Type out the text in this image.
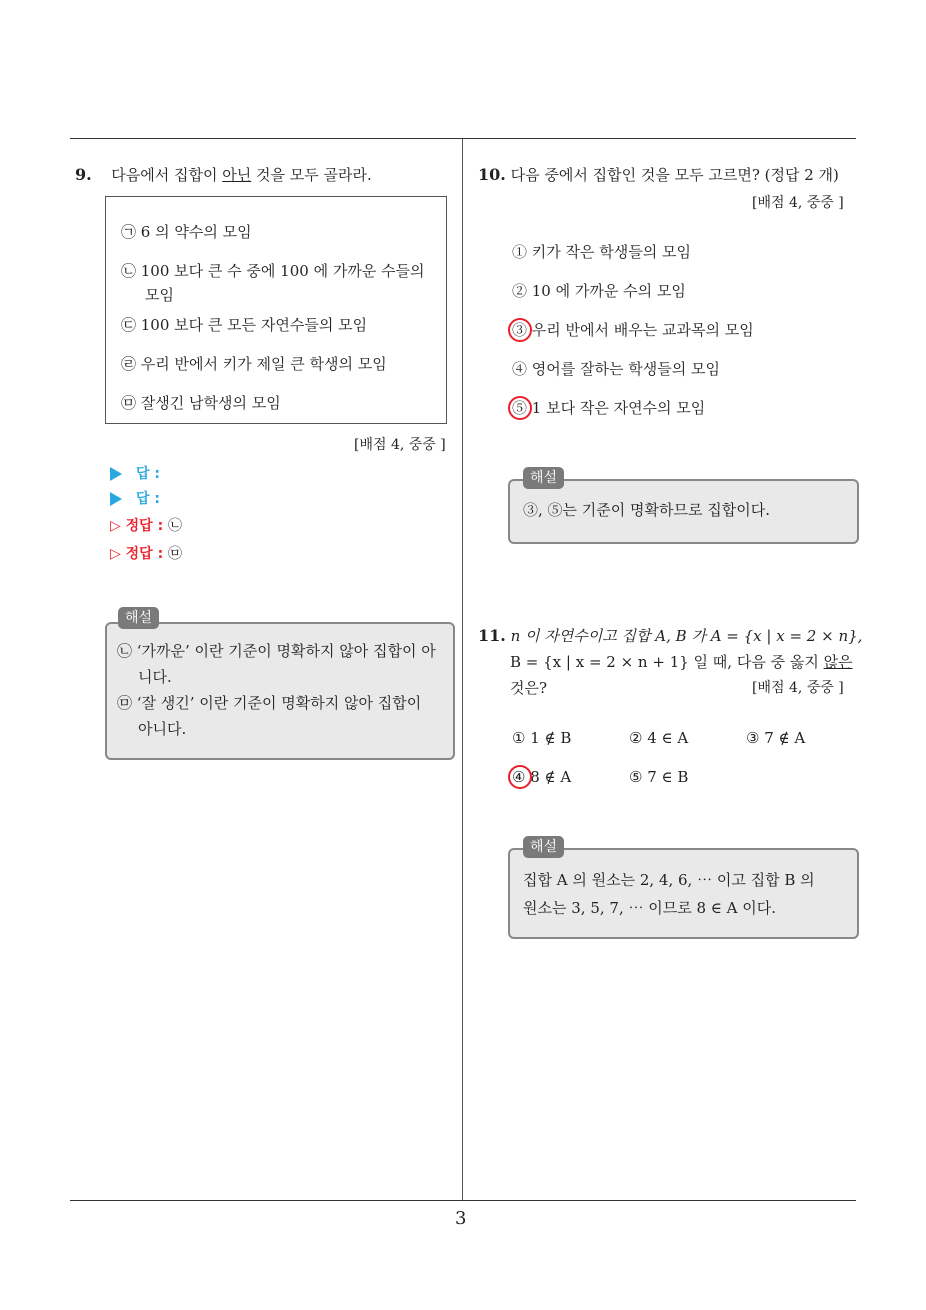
3
9. 다음에서 집합이 아닌 것을 모두 골라라.
㉠ 6 의 약수의 모임
㉡ 100 보다 큰 수 중에 100 에 가까운 수들의
모임
㉢ 100 보다 큰 모든 자연수들의 모임
㉣ 우리 반에서 키가 제일 큰 학생의 모임
㉤ 잘생긴 남학생의 모임
[배점 4, 중중 ]
답 :
답 :
▷ 정답 : ㉡
▷ 정답 : ㉤
해설
㉡ ‘가까운’ 이란 기준이 명확하지 않아 집합이 아
니다.
㉤ ‘잘 생긴’ 이란 기준이 명확하지 않아 집합이
아니다.
10. 다음 중에서 집합인 것을 모두 고르면? (정답 2 개)
[배점 4, 중중 ]
① 키가 작은 학생들의 모임
② 10 에 가까운 수의 모임
③ 우리 반에서 배우는 교과목의 모임
④ 영어를 잘하는 학생들의 모임
⑤ 1 보다 작은 자연수의 모임
해설
③, ⑤는 기준이 명확하므로 집합이다.
11. n 이 자연수이고 집합 A, B 가 A = {x | x = 2 × n},
B = {x | x = 2 × n + 1} 일 때, 다음 중 옳지 않은
것은?	[배점 4, 중중 ]
① 1 ∉ B	② 4 ∈ A	③ 7 ∉ A
④ 8 ∉ A	⑤ 7 ∈ B
해설
집합 A 의 원소는 2, 4, 6, ⋯ 이고 집합 B 의
원소는 3, 5, 7, ⋯ 이므로 8 ∈ A 이다.
